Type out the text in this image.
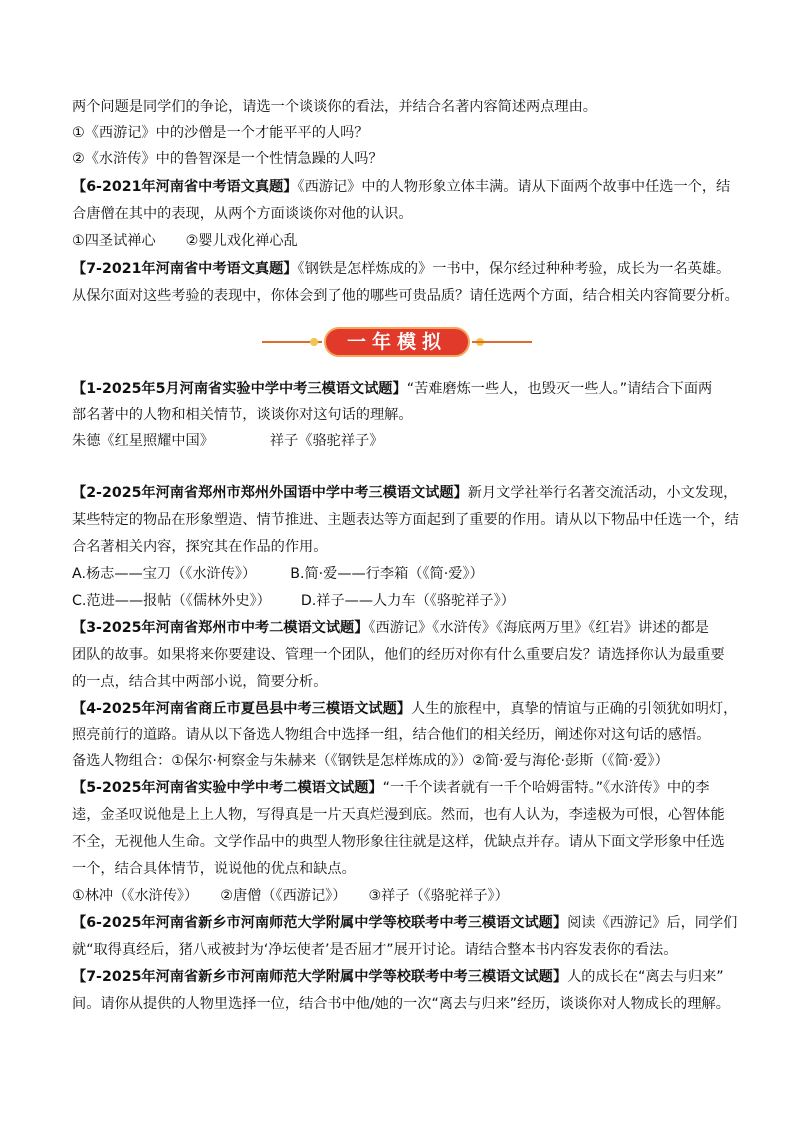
两个问题是同学们的争论，请选一个谈谈你的看法，并结合名著内容简述两点理由。
①《西游记》中的沙僧是一个才能平平的人吗？
②《水浒传》中的鲁智深是一个性情急躁的人吗？
【6-2021年河南省中考语文真题】《西游记》中的人物形象立体丰满。请从下面两个故事中任选一个，结
合唐僧在其中的表现，从两个方面谈谈你对他的认识。
①四圣试禅心 ②婴儿戏化禅心乱
【7-2021年河南省中考语文真题】《钢铁是怎样炼成的》一书中，保尔经过种种考验，成长为一名英雄。
从保尔面对这些考验的表现中，你体会到了他的哪些可贵品质？请任选两个方面，结合相关内容简要分析。
一年模拟
【1-2025年5月河南省实验中学中考三模语文试题】“苦难磨炼一些人，也毁灭一些人。”请结合下面两
部名著中的人物和相关情节，谈谈你对这句话的理解。
朱德《红星照耀中国》	祥子《骆驼祥子》
【2-2025年河南省郑州市郑州外国语中学中考三模语文试题】新月文学社举行名著交流活动，小文发现，
某些特定的物品在形象塑造、情节推进、主题表达等方面起到了重要的作用。请从以下物品中任选一个，结
合名著相关内容，探究其在作品的作用。
A.杨志——宝刀（《水浒传》） B.简·爱——行李箱（《简·爱》）
C.范进——报帖（《儒林外史》） D.祥子——人力车（《骆驼祥子》）
【3-2025年河南省郑州市中考二模语文试题】《西游记》《水浒传》《海底两万里》《红岩》讲述的都是
团队的故事。如果将来你要建设、管理一个团队，他们的经历对你有什么重要启发？请选择你认为最重要
的一点，结合其中两部小说，简要分析。
【4-2025年河南省商丘市夏邑县中考三模语文试题】人生的旅程中，真挚的情谊与正确的引领犹如明灯，
照亮前行的道路。请从以下备选人物组合中选择一组，结合他们的相关经历，阐述你对这句话的感悟。
备选人物组合：①保尔·柯察金与朱赫来（《钢铁是怎样炼成的》）②简·爱与海伦·彭斯（《简·爱》）
【5-2025年河南省实验中学中考二模语文试题】“一千个读者就有一千个哈姆雷特。”《水浒传》中的李
逵，金圣叹说他是上上人物，写得真是一片天真烂漫到底。然而，也有人认为，李逵极为可恨，心智体能
不全，无视他人生命。文学作品中的典型人物形象往往就是这样，优缺点并存。请从下面文学形象中任选
一个，结合具体情节，说说他的优点和缺点。
①林冲（《水浒传》） ②唐僧（《西游记》） ③祥子（《骆驼祥子》）
【6-2025年河南省新乡市河南师范大学附属中学等校联考中考三模语文试题】阅读《西游记》后，同学们
就“取得真经后，猪八戒被封为‘净坛使者’是否屈才”展开讨论。请结合整本书内容发表你的看法。
【7-2025年河南省新乡市河南师范大学附属中学等校联考中考三模语文试题】人的成长在“离去与归来”
间。请你从提供的人物里选择一位，结合书中他/她的一次“离去与归来”经历，谈谈你对人物成长的理解。
